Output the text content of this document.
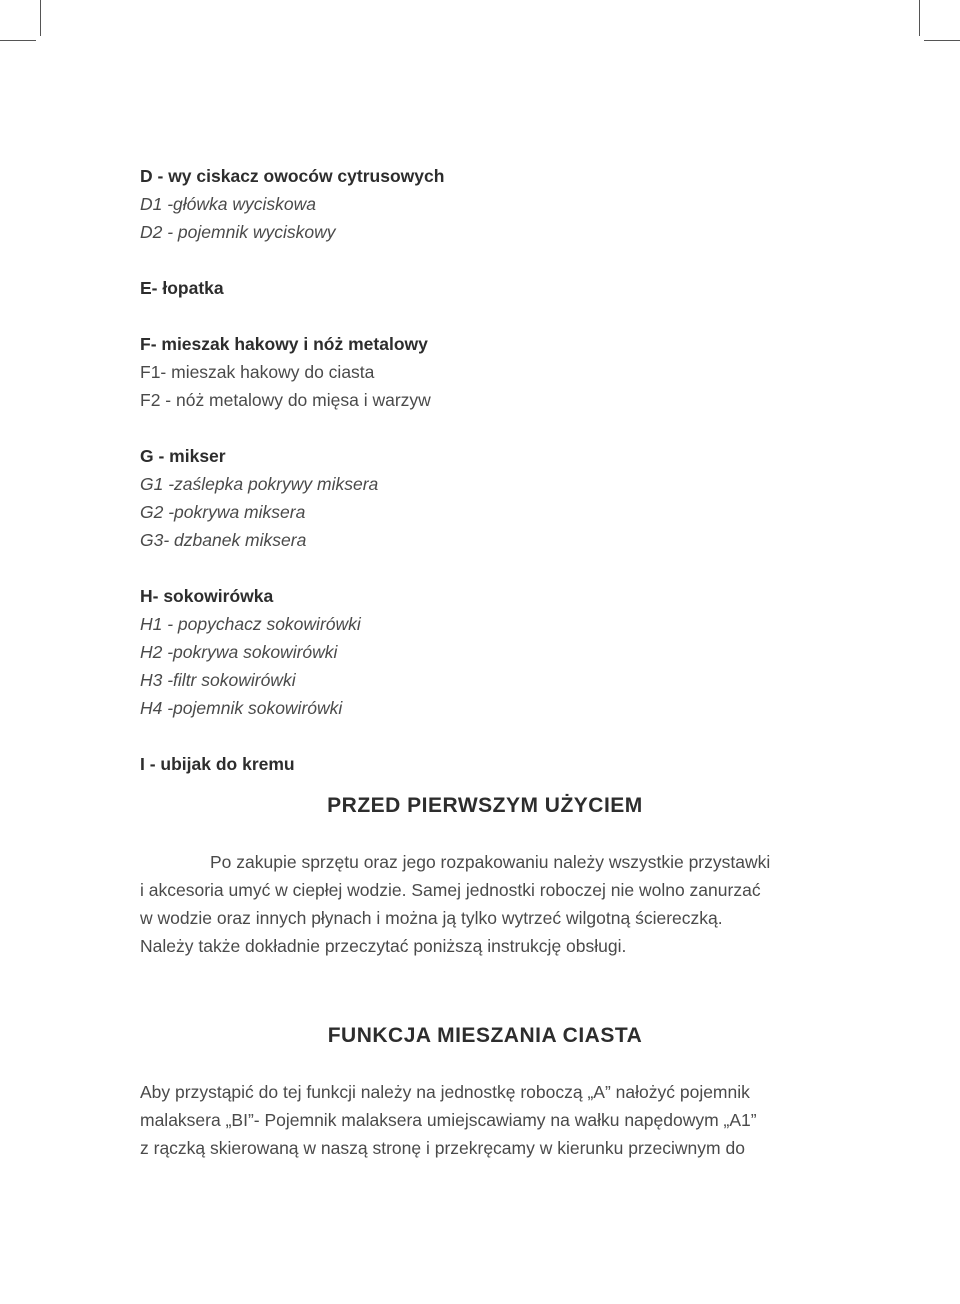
D - wy ciskacz owoców cytrusowych

D1 -główka wyciskowa

D2 - pojemnik wyciskowy

E- łopatka

F- mieszak hakowy i nóż metalowy

F1- mieszak hakowy do ciasta

F2 - nóż metalowy do mięsa i warzyw

G - mikser

G1 -zaślepka pokrywy miksera

G2 -pokrywa miksera

G3- dzbanek miksera

H- sokowirówka

H1 - popychacz sokowirówki

H2 -pokrywa sokowirówki

H3 -filtr sokowirówki

H4 -pojemnik sokowirówki

I - ubijak do kremu

PRZED PIERWSZYM UŻYCIEM

Po zakupie sprzętu oraz jego rozpakowaniu należy wszystkie przystawki
i akcesoria umyć w ciepłej wodzie. Samej jednostki roboczej nie wolno zanurzać
w wodzie oraz innych płynach i można ją tylko wytrzeć wilgotną ściereczką.
Należy także dokładnie przeczytać poniższą instrukcję obsługi.

FUNKCJA MIESZANIA CIASTA

Aby przystąpić do tej funkcji należy na jednostkę roboczą „A” nałożyć pojemnik
malaksera „BI”- Pojemnik malaksera umiejscawiamy na wałku napędowym „A1”
z rączką skierowaną w naszą stronę i przekręcamy w kierunku przeciwnym do
